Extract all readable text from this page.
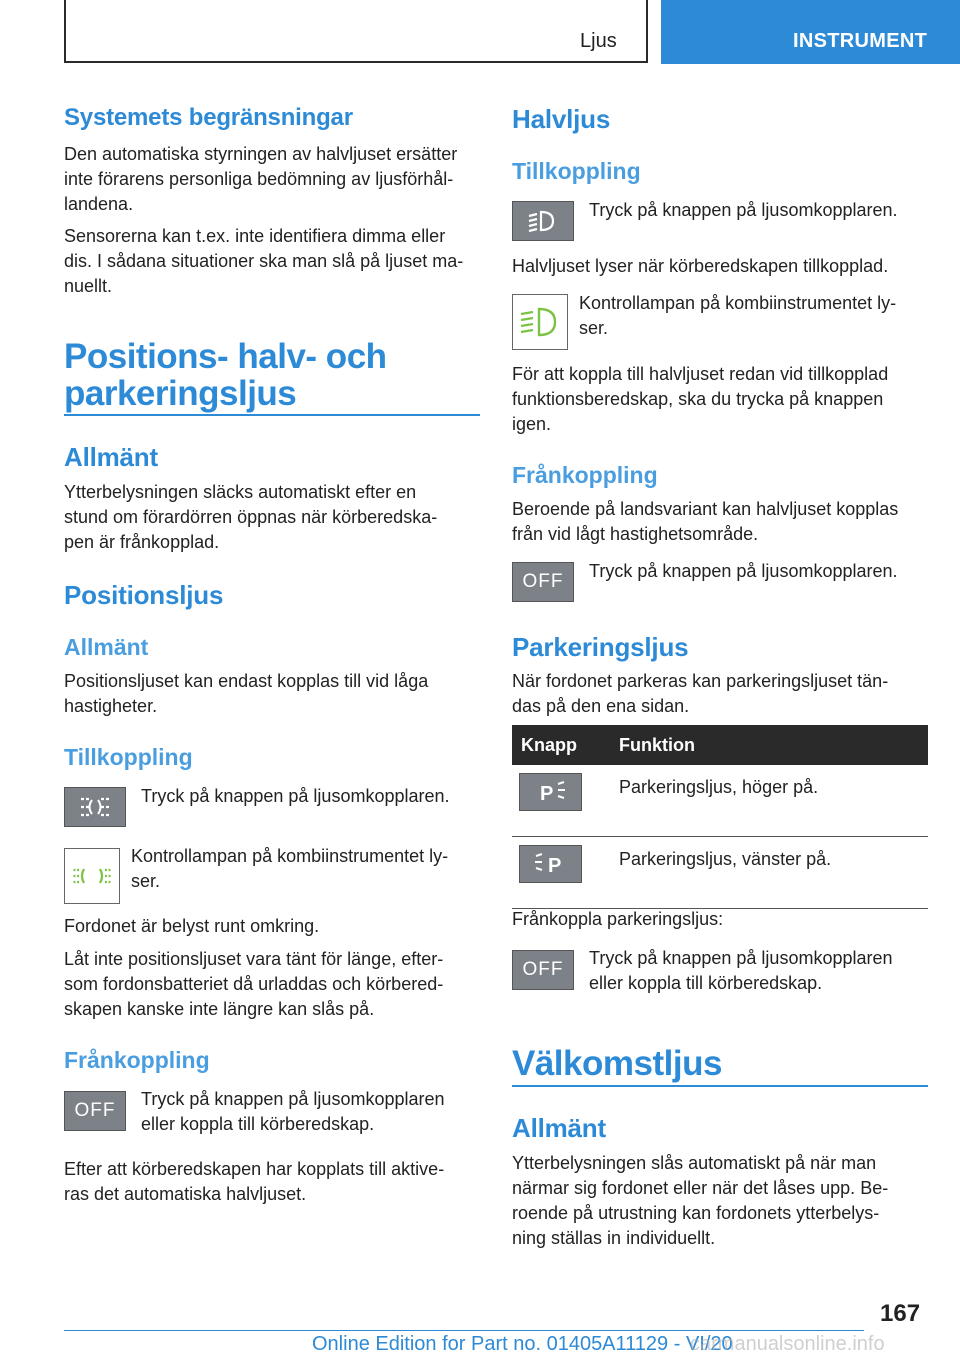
Ljus	INSTRUMENT
Systemets begränsningar
Den automatiska styrningen av halvljuset ersätter
inte förarens personliga bedömning av ljusförhål-
landena.
Sensorerna kan t.ex. inte identifiera dimma eller
dis. I sådana situationer ska man slå på ljuset ma-
nuellt.
Positions- halv- och
parkeringsljus
Allmänt
Ytterbelysningen släcks automatiskt efter en
stund om förardörren öppnas när körberedska-
pen är frånkopplad.
Positionsljus
Allmänt
Positionsljuset kan endast kopplas till vid låga
hastigheter.
Tillkoppling
Tryck på knappen på ljusomkopplaren.
Kontrollampan på kombiinstrumentet ly-
ser.
Fordonet är belyst runt omkring.
Låt inte positionsljuset vara tänt för länge, efter-
som fordonsbatteriet då urladdas och körbered-
skapen kanske inte längre kan slås på.
Frånkoppling
OFF
Tryck på knappen på ljusomkopplaren
eller koppla till körberedskap.
Efter att körberedskapen har kopplats till aktive-
ras det automatiska halvljuset.
Halvljus
Tillkoppling
Tryck på knappen på ljusomkopplaren.
Halvljuset lyser när körberedskapen tillkopplad.
Kontrollampan på kombiinstrumentet ly-
ser.
För att koppla till halvljuset redan vid tillkopplad
funktionsberedskap, ska du trycka på knappen
igen.
Frånkoppling
Beroende på landsvariant kan halvljuset kopplas
från vid lågt hastighetsområde.
OFF	Tryck på knappen på ljusomkopplaren.
Parkeringsljus
När fordonet parkeras kan parkeringsljuset tän-
das på den ena sidan.
Knapp	Funktion

P	Parkeringsljus, höger på.

P	Parkeringsljus, vänster på.
Frånkoppla parkeringsljus:
OFF
Tryck på knappen på ljusomkopplaren
eller koppla till körberedskap.
Välkomstljus
Allmänt
Ytterbelysningen slås automatiskt på när man
närmar sig fordonet eller när det låses upp. Be-
roende på utrustning kan fordonets ytterbelys-
ning ställas in individuellt.
167
Online Edition for Part no. 01405A11129 - VI/20
carmanualsonline.info
